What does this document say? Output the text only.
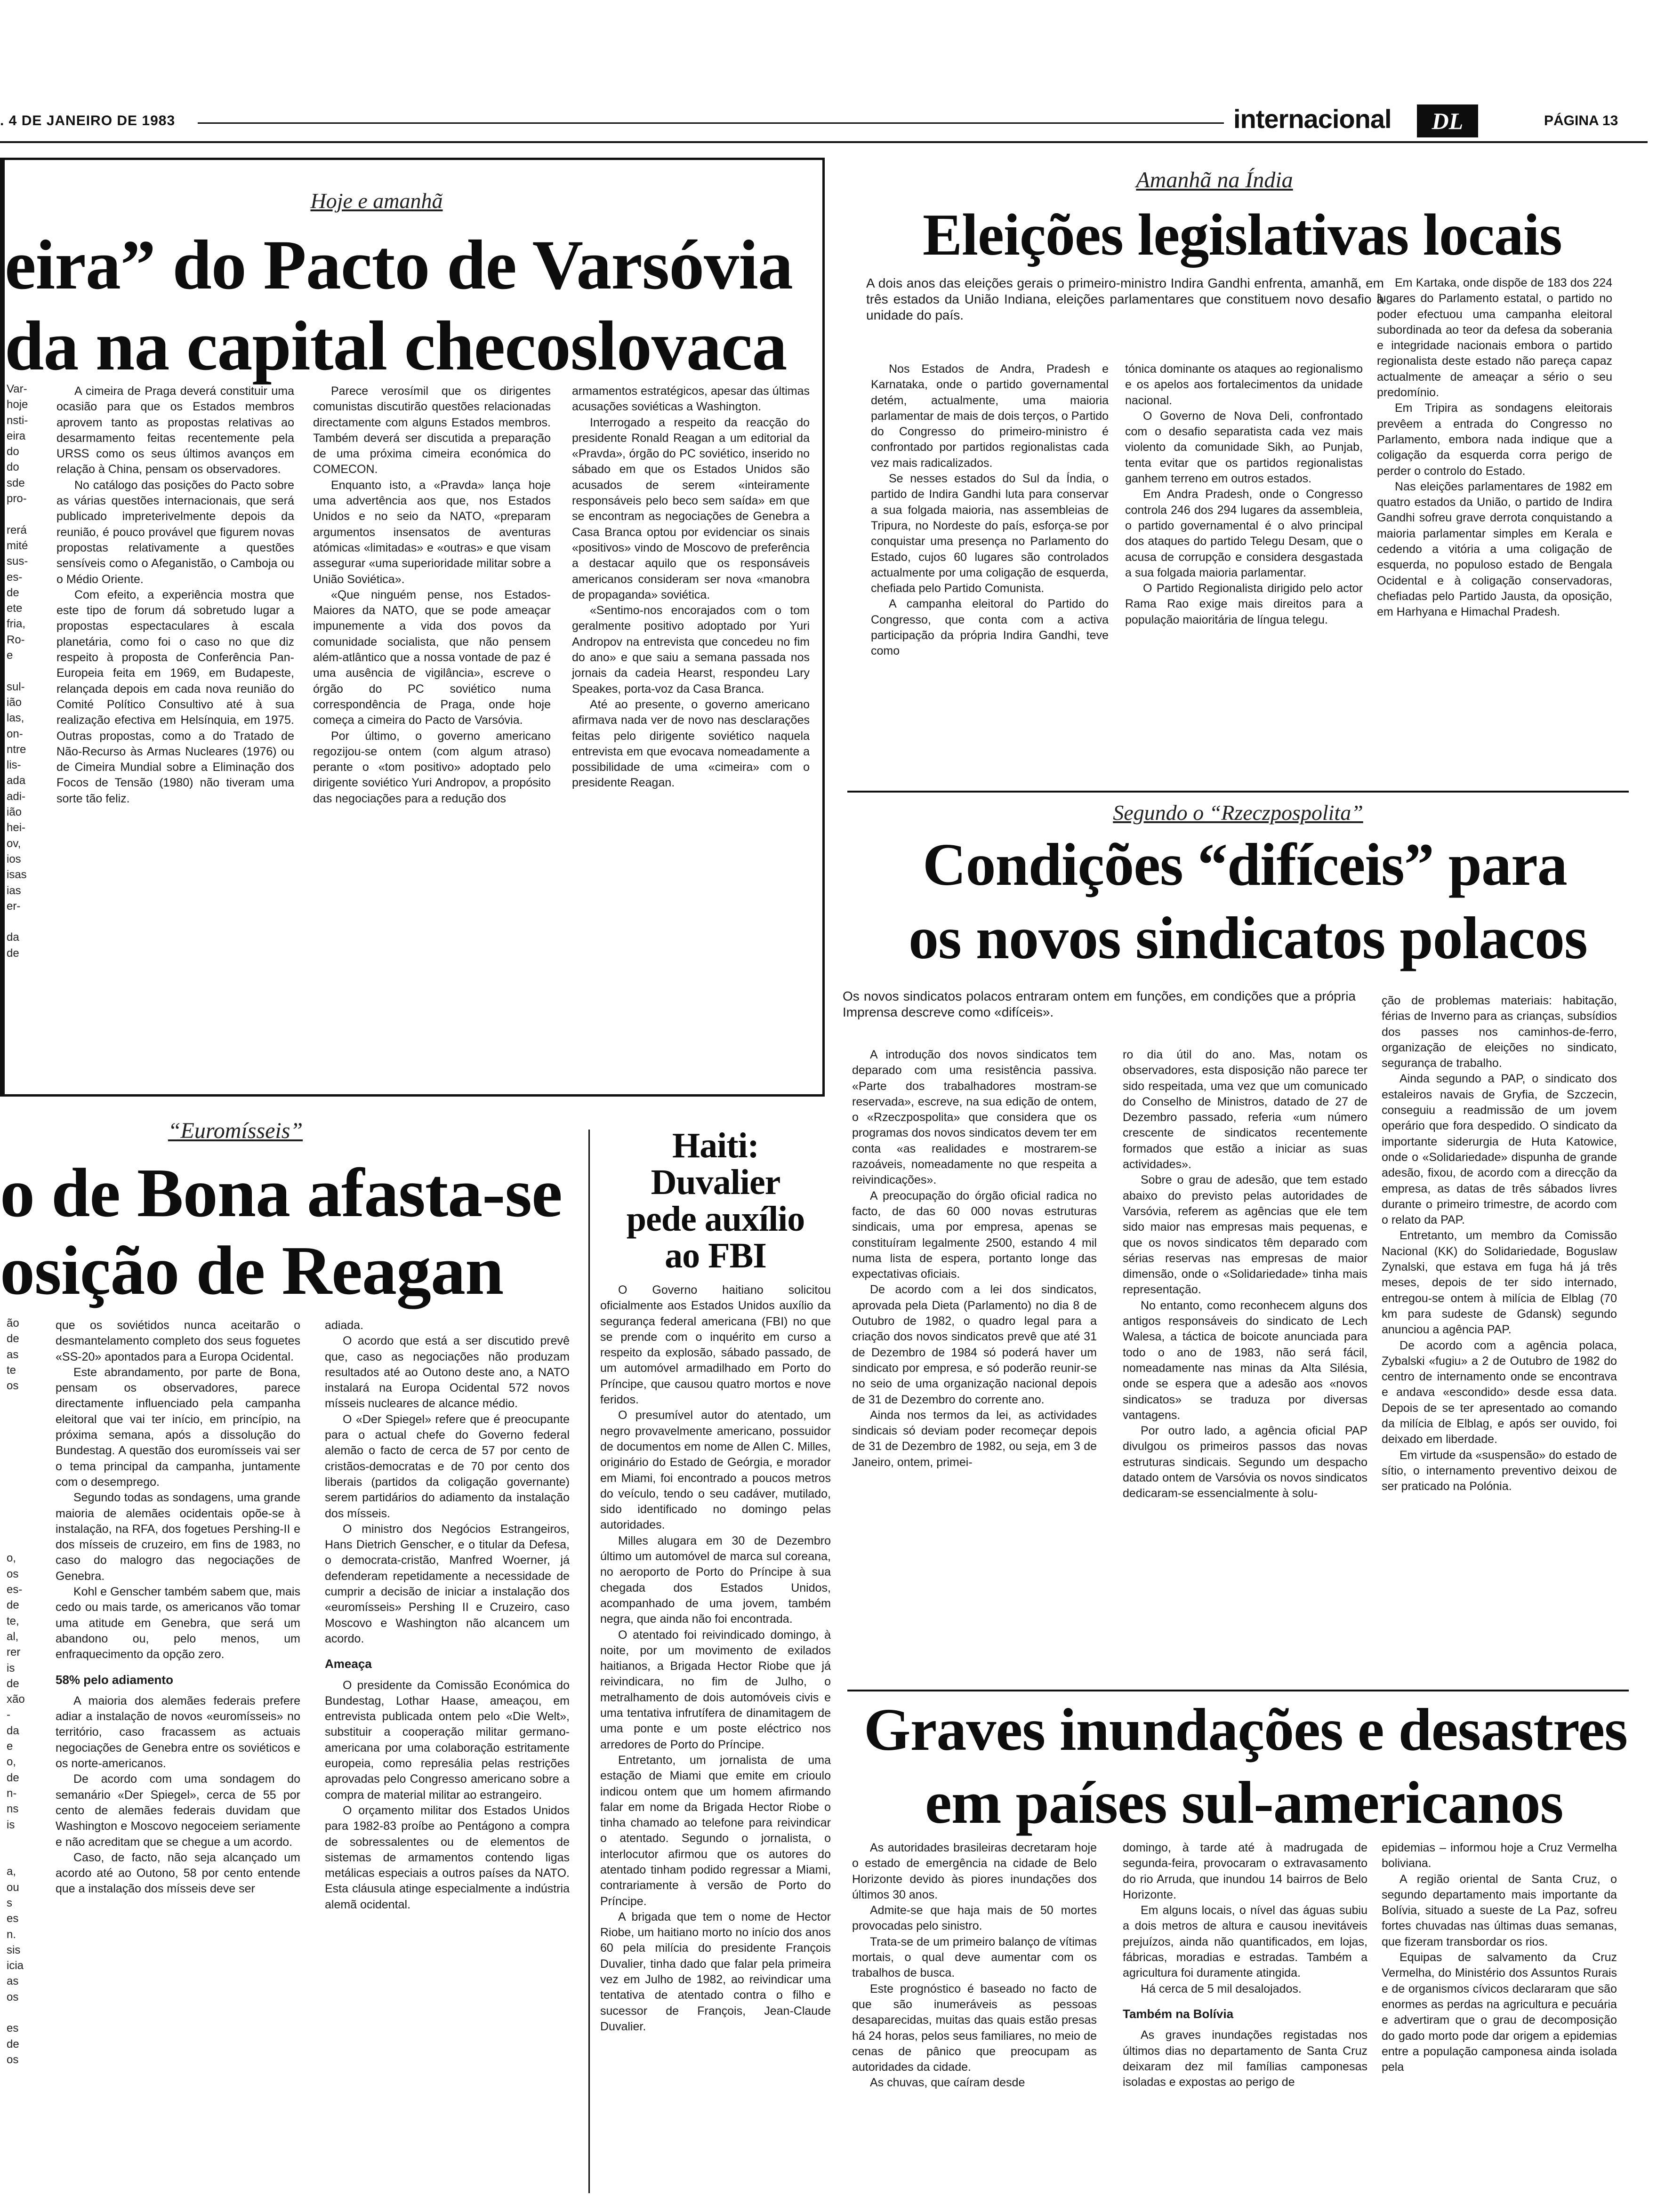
. 4 DE JANEIRO DE 1983	internacional	DL	PÁGINA 13
Hoje e amanhã
eira” do Pacto de Varsóvia
da na capital checoslovaca
Var-
hoje
nsti-
eira
do
do
sde
pro-

rerá
mité
sus-
es-
de
ete
fria,
Ro-
e

sul-
ião
las,
on-
ntre
lis-
ada
adi-
ião
hei-
ov,
ios
isas
ias
er-

da
de

A cimeira de Praga deverá constituir uma ocasião para que os Estados membros aprovem tanto as propostas relativas ao desarmamento feitas recentemente pela URSS como os seus últimos avanços em relação à China, pensam os observadores.

No catálogo das posições do Pacto sobre as várias questões internacionais, que será publicado impreterivelmente depois da reunião, é pouco provável que figurem novas propostas relativamente a questões sensíveis como o Afeganistão, o Camboja ou o Médio Oriente.

Com efeito, a experiência mostra que este tipo de forum dá sobretudo lugar a propostas espectaculares à escala planetária, como foi o caso no que diz respeito à proposta de Conferência Pan-Europeia feita em 1969, em Budapeste, relançada depois em cada nova reunião do Comité Político Consultivo até à sua realização efectiva em Helsínquia, em 1975. Outras propostas, como a do Tratado de Não-Recurso às Armas Nucleares (1976) ou de Cimeira Mundial sobre a Eliminação dos Focos de Tensão (1980) não tiveram uma sorte tão feliz.

Parece verosímil que os dirigentes comunistas discutirão questões relacionadas directamente com alguns Estados membros. Também deverá ser discutida a preparação de uma próxima cimeira económica do COMECON.

Enquanto isto, a «Pravda» lança hoje uma advertência aos que, nos Estados Unidos e no seio da NATO, «preparam argumentos insensatos de aventuras atómicas «limitadas» e «outras» e que visam assegurar «uma superioridade militar sobre a União Soviética».

«Que ninguém pense, nos Estados-Maiores da NATO, que se pode ameaçar impunemente a vida dos povos da comunidade socialista, que não pensem além-atlântico que a nossa vontade de paz é uma ausência de vigilância», escreve o órgão do PC soviético numa correspondência de Praga, onde hoje começa a cimeira do Pacto de Varsóvia.

Por último, o governo americano regozijou-se ontem (com algum atraso) perante o «tom positivo» adoptado pelo dirigente soviético Yuri Andropov, a propósito das negociações para a redução dos

armamentos estratégicos, apesar das últimas acusações soviéticas a Washington.

Interrogado a respeito da reacção do presidente Ronald Reagan a um editorial da «Pravda», órgão do PC soviético, inserido no sábado em que os Estados Unidos são acusados de serem «inteiramente responsáveis pelo beco sem saída» em que se encontram as negociações de Genebra a Casa Branca optou por evidenciar os sinais «positivos» vindo de Moscovo de preferência a destacar aquilo que os responsáveis americanos consideram ser nova «manobra de propaganda» soviética.

«Sentimo-nos encorajados com o tom geralmente positivo adoptado por Yuri Andropov na entrevista que concedeu no fim do ano» e que saiu a semana passada nos jornais da cadeia Hearst, respondeu Lary Speakes, porta-voz da Casa Branca.

Até ao presente, o governo americano afirmava nada ver de novo nas desclarações feitas pelo dirigente soviético naquela entrevista em que evocava nomeadamente a possibilidade de uma «cimeira» com o presidente Reagan.

Amanhã na Índia
Eleições legislativas locais
A dois anos das eleições gerais o primeiro-ministro Indira Gandhi enfrenta, amanhã, em três estados da União Indiana, eleições parlamentares que constituem novo desafio à unidade do país.

Nos Estados de Andra, Pradesh e Karnataka, onde o partido governamental detém, actualmente, uma maioria parlamentar de mais de dois terços, o Partido do Congresso do primeiro-ministro é confrontado por partidos regionalistas cada vez mais radicalizados.

Se nesses estados do Sul da Índia, o partido de Indira Gandhi luta para conservar a sua folgada maioria, nas assembleias de Tripura, no Nordeste do país, esforça-se por conquistar uma presença no Parlamento do Estado, cujos 60 lugares são controlados actualmente por uma coligação de esquerda, chefiada pelo Partido Comunista.

A campanha eleitoral do Partido do Congresso, que conta com a activa participação da própria Indira Gandhi, teve como

tónica dominante os ataques ao regionalismo e os apelos aos fortalecimentos da unidade nacional.

O Governo de Nova Deli, confrontado com o desafio separatista cada vez mais violento da comunidade Sikh, ao Punjab, tenta evitar que os partidos regionalistas ganhem terreno em outros estados.

Em Andra Pradesh, onde o Congresso controla 246 dos 294 lugares da assembleia, o partido governamental é o alvo principal dos ataques do partido Telegu Desam, que o acusa de corrupção e considera desgastada a sua folgada maioria parlamentar.

O Partido Regionalista dirigido pelo actor Rama Rao exige mais direitos para a população maioritária de língua telegu.

Em Kartaka, onde dispõe de 183 dos 224 lugares do Parlamento estatal, o partido no poder efectuou uma campanha eleitoral subordinada ao teor da defesa da soberania e integridade nacionais embora o partido regionalista deste estado não pareça capaz actualmente de ameaçar a sério o seu predomínio.

Em Tripira as sondagens eleitorais prevêem a entrada do Congresso no Parlamento, embora nada indique que a coligação da esquerda corra perigo de perder o controlo do Estado.

Nas eleições parlamentares de 1982 em quatro estados da União, o partido de Indira Gandhi sofreu grave derrota conquistando a maioria parlamentar simples em Kerala e cedendo a vitória a uma coligação de esquerda, no populoso estado de Bengala Ocidental e à coligação conservadoras, chefiadas pelo Partido Jausta, da oposição, em Harhyana e Himachal Pradesh.

Segundo o “Rzeczpospolita”
Condições “difíceis” para
os novos sindicatos polacos
Os novos sindicatos polacos entraram ontem em funções, em condições que a própria Imprensa descreve como «difíceis».

A introdução dos novos sindicatos tem deparado com uma resistência passiva. «Parte dos trabalhadores mostram-se reservada», escreve, na sua edição de ontem, o «Rzeczpospolita» que considera que os programas dos novos sindicatos devem ter em conta «as realidades e mostrarem-se razoáveis, nomeadamente no que respeita a reivindicações».

A preocupação do órgão oficial radica no facto, de das 60 000 novas estruturas sindicais, uma por empresa, apenas se constituíram legalmente 2500, estando 4 mil numa lista de espera, portanto longe das expectativas oficiais.

De acordo com a lei dos sindicatos, aprovada pela Dieta (Parlamento) no dia 8 de Outubro de 1982, o quadro legal para a criação dos novos sindicatos prevê que até 31 de Dezembro de 1984 só poderá haver um sindicato por empresa, e só poderão reunir-se no seio de uma organização nacional depois de 31 de Dezembro do corrente ano.

Ainda nos termos da lei, as actividades sindicais só deviam poder recomeçar depois de 31 de Dezembro de 1982, ou seja, em 3 de Janeiro, ontem, primei-

ro dia útil do ano. Mas, notam os observadores, esta disposição não parece ter sido respeitada, uma vez que um comunicado do Conselho de Ministros, datado de 27 de Dezembro passado, referia «um número crescente de sindicatos recentemente formados que estão a iniciar as suas actividades».

Sobre o grau de adesão, que tem estado abaixo do previsto pelas autoridades de Varsóvia, referem as agências que ele tem sido maior nas empresas mais pequenas, e que os novos sindicatos têm deparado com sérias reservas nas empresas de maior dimensão, onde o «Solidariedade» tinha mais representação.

No entanto, como reconhecem alguns dos antigos responsáveis do sindicato de Lech Walesa, a táctica de boicote anunciada para todo o ano de 1983, não será fácil, nomeadamente nas minas da Alta Silésia, onde se espera que a adesão aos «novos sindicatos» se traduza por diversas vantagens.

Por outro lado, a agência oficial PAP divulgou os primeiros passos das novas estruturas sindicais. Segundo um despacho datado ontem de Varsóvia os novos sindicatos dedicaram-se essencialmente à solu-

ção de problemas materiais: habitação, férias de Inverno para as crianças, subsídios dos passes nos caminhos-de-ferro, organização de eleições no sindicato, segurança de trabalho.

Ainda segundo a PAP, o sindicato dos estaleiros navais de Gryfia, de Szczecin, conseguiu a readmissão de um jovem operário que fora despedido. O sindicato da importante siderurgia de Huta Katowice, onde o «Solidariedade» dispunha de grande adesão, fixou, de acordo com a direcção da empresa, as datas de três sábados livres durante o primeiro trimestre, de acordo com o relato da PAP.

Entretanto, um membro da Comissão Nacional (KK) do Solidariedade, Boguslaw Zynalski, que estava em fuga há já três meses, depois de ter sido internado, entregou-se ontem à milícia de Elblag (70 km para sudeste de Gdansk) segundo anunciou a agência PAP.

De acordo com a agência polaca, Zybalski «fugiu» a 2 de Outubro de 1982 do centro de internamento onde se encontrava e andava «escondido» desde essa data. Depois de se ter apresentado ao comando da milícia de Elblag, e após ser ouvido, foi deixado em liberdade.

Em virtude da «suspensão» do estado de sítio, o internamento preventivo deixou de ser praticado na Polónia.

Graves inundações e desastres
em países sul-americanos

As autoridades brasileiras decretaram hoje o estado de emergência na cidade de Belo Horizonte devido às piores inundações dos últimos 30 anos.

Admite-se que haja mais de 50 mortes provocadas pelo sinistro.

Trata-se de um primeiro balanço de vítimas mortais, o qual deve aumentar com os trabalhos de busca.

Este prognóstico é baseado no facto de que são inumeráveis as pessoas desaparecidas, muitas das quais estão presas há 24 horas, pelos seus familiares, no meio de cenas de pânico que preocupam as autoridades da cidade.

As chuvas, que caíram desde

domingo, à tarde até à madrugada de segunda-feira, provocaram o extravasamento do rio Arruda, que inundou 14 bairros de Belo Horizonte.

Em alguns locais, o nível das águas subiu a dois metros de altura e causou inevitáveis prejuízos, ainda não quantificados, em lojas, fábricas, moradias e estradas. Também a agricultura foi duramente atingida.

Há cerca de 5 mil desalojados.

Também na Bolívia

As graves inundações registadas nos últimos dias no departamento de Santa Cruz deixaram dez mil famílias camponesas isoladas e expostas ao perigo de

epidemias – informou hoje a Cruz Vermelha boliviana.

A região oriental de Santa Cruz, o segundo departamento mais importante da Bolívia, situado a sueste de La Paz, sofreu fortes chuvadas nas últimas duas semanas, que fizeram transbordar os rios.

Equipas de salvamento da Cruz Vermelha, do Ministério dos Assuntos Rurais e de organismos cívicos declararam que são enormes as perdas na agricultura e pecuária e advertiram que o grau de decomposição do gado morto pode dar origem a epidemias entre a população camponesa ainda isolada pela

“Euromísseis”
o de Bona afasta-se
osição de Reagan
ão
de
as
te
os

o,
os
es-
de
te,
al,
rer
is
de
xão
-
da
e
o,
de
n-
ns
is

a,
ou
s
es
n.
sis
icia
as
os

es
de
os

que os soviétidos nunca aceitarão o desmantelamento completo dos seus foguetes «SS-20» apontados para a Europa Ocidental.

Este abrandamento, por parte de Bona, pensam os observadores, parece directamente influenciado pela campanha eleitoral que vai ter início, em princípio, na próxima semana, após a dissolução do Bundestag. A questão dos euromísseis vai ser o tema principal da campanha, juntamente com o desemprego.

Segundo todas as sondagens, uma grande maioria de alemães ocidentais opõe-se à instalação, na RFA, dos fogetues Pershing-II e dos mísseis de cruzeiro, em fins de 1983, no caso do malogro das negociações de Genebra.

Kohl e Genscher também sabem que, mais cedo ou mais tarde, os americanos vão tomar uma atitude em Genebra, que será um abandono ou, pelo menos, um enfraquecimento da opção zero.

58% pelo adiamento

A maioria dos alemães federais prefere adiar a instalação de novos «euromísseis» no território, caso fracassem as actuais negociações de Genebra entre os soviéticos e os norte-americanos.

De acordo com uma sondagem do semanário «Der Spiegel», cerca de 55 por cento de alemães federais duvidam que Washington e Moscovo negoceiem seriamente e não acreditam que se chegue a um acordo.

Caso, de facto, não seja alcançado um acordo até ao Outono, 58 por cento entende que a instalação dos mísseis deve ser

adiada.

O acordo que está a ser discutido prevê que, caso as negociações não produzam resultados até ao Outono deste ano, a NATO instalará na Europa Ocidental 572 novos mísseis nucleares de alcance médio.

O «Der Spiegel» refere que é preocupante para o actual chefe do Governo federal alemão o facto de cerca de 57 por cento de cristãos-democratas e de 70 por cento dos liberais (partidos da coligação governante) serem partidários do adiamento da instalação dos mísseis.

O ministro dos Negócios Estrangeiros, Hans Dietrich Genscher, e o titular da Defesa, o democrata-cristão, Manfred Woerner, já defenderam repetidamente a necessidade de cumprir a decisão de iniciar a instalação dos «euromísseis» Pershing II e Cruzeiro, caso Moscovo e Washington não alcancem um acordo.

Ameaça

O presidente da Comissão Económica do Bundestag, Lothar Haase, ameaçou, em entrevista publicada ontem pelo «Die Welt», substituir a cooperação militar germano-americana por uma colaboração estritamente europeia, como represália pelas restrições aprovadas pelo Congresso americano sobre a compra de material militar ao estrangeiro.

O orçamento militar dos Estados Unidos para 1982-83 proíbe ao Pentágono a compra de sobressalentes ou de elementos de sistemas de armamentos contendo ligas metálicas especiais a outros países da NATO. Esta cláusula atinge especialmente a indústria alemã ocidental.

Haiti:
Duvalier
pede auxílio
ao FBI

O Governo haitiano solicitou oficialmente aos Estados Unidos auxílio da segurança federal americana (FBI) no que se prende com o inquérito em curso a respeito da explosão, sábado passado, de um automóvel armadilhado em Porto do Príncipe, que causou quatro mortos e nove feridos.

O presumível autor do atentado, um negro provavelmente americano, possuidor de documentos em nome de Allen C. Milles, originário do Estado de Geórgia, e morador em Miami, foi encontrado a poucos metros do veículo, tendo o seu cadáver, mutilado, sido identificado no domingo pelas autoridades.

Milles alugara em 30 de Dezembro último um automóvel de marca sul coreana, no aeroporto de Porto do Príncipe à sua chegada dos Estados Unidos, acompanhado de uma jovem, também negra, que ainda não foi encontrada.

O atentado foi reivindicado domingo, à noite, por um movimento de exilados haitianos, a Brigada Hector Riobe que já reivindicara, no fim de Julho, o metralhamento de dois automóveis civis e uma tentativa infrutífera de dinamitagem de uma ponte e um poste eléctrico nos arredores de Porto do Príncipe.

Entretanto, um jornalista de uma estação de Miami que emite em crioulo indicou ontem que um homem afirmando falar em nome da Brigada Hector Riobe o tinha chamado ao telefone para reivindicar o atentado. Segundo o jornalista, o interlocutor afirmou que os autores do atentado tinham podido regressar a Miami, contrariamente à versão de Porto do Príncipe.

A brigada que tem o nome de Hector Riobe, um haitiano morto no início dos anos 60 pela milícia do presidente François Duvalier, tinha dado que falar pela primeira vez em Julho de 1982, ao reivindicar uma tentativa de atentado contra o filho e sucessor de François, Jean-Claude Duvalier.
